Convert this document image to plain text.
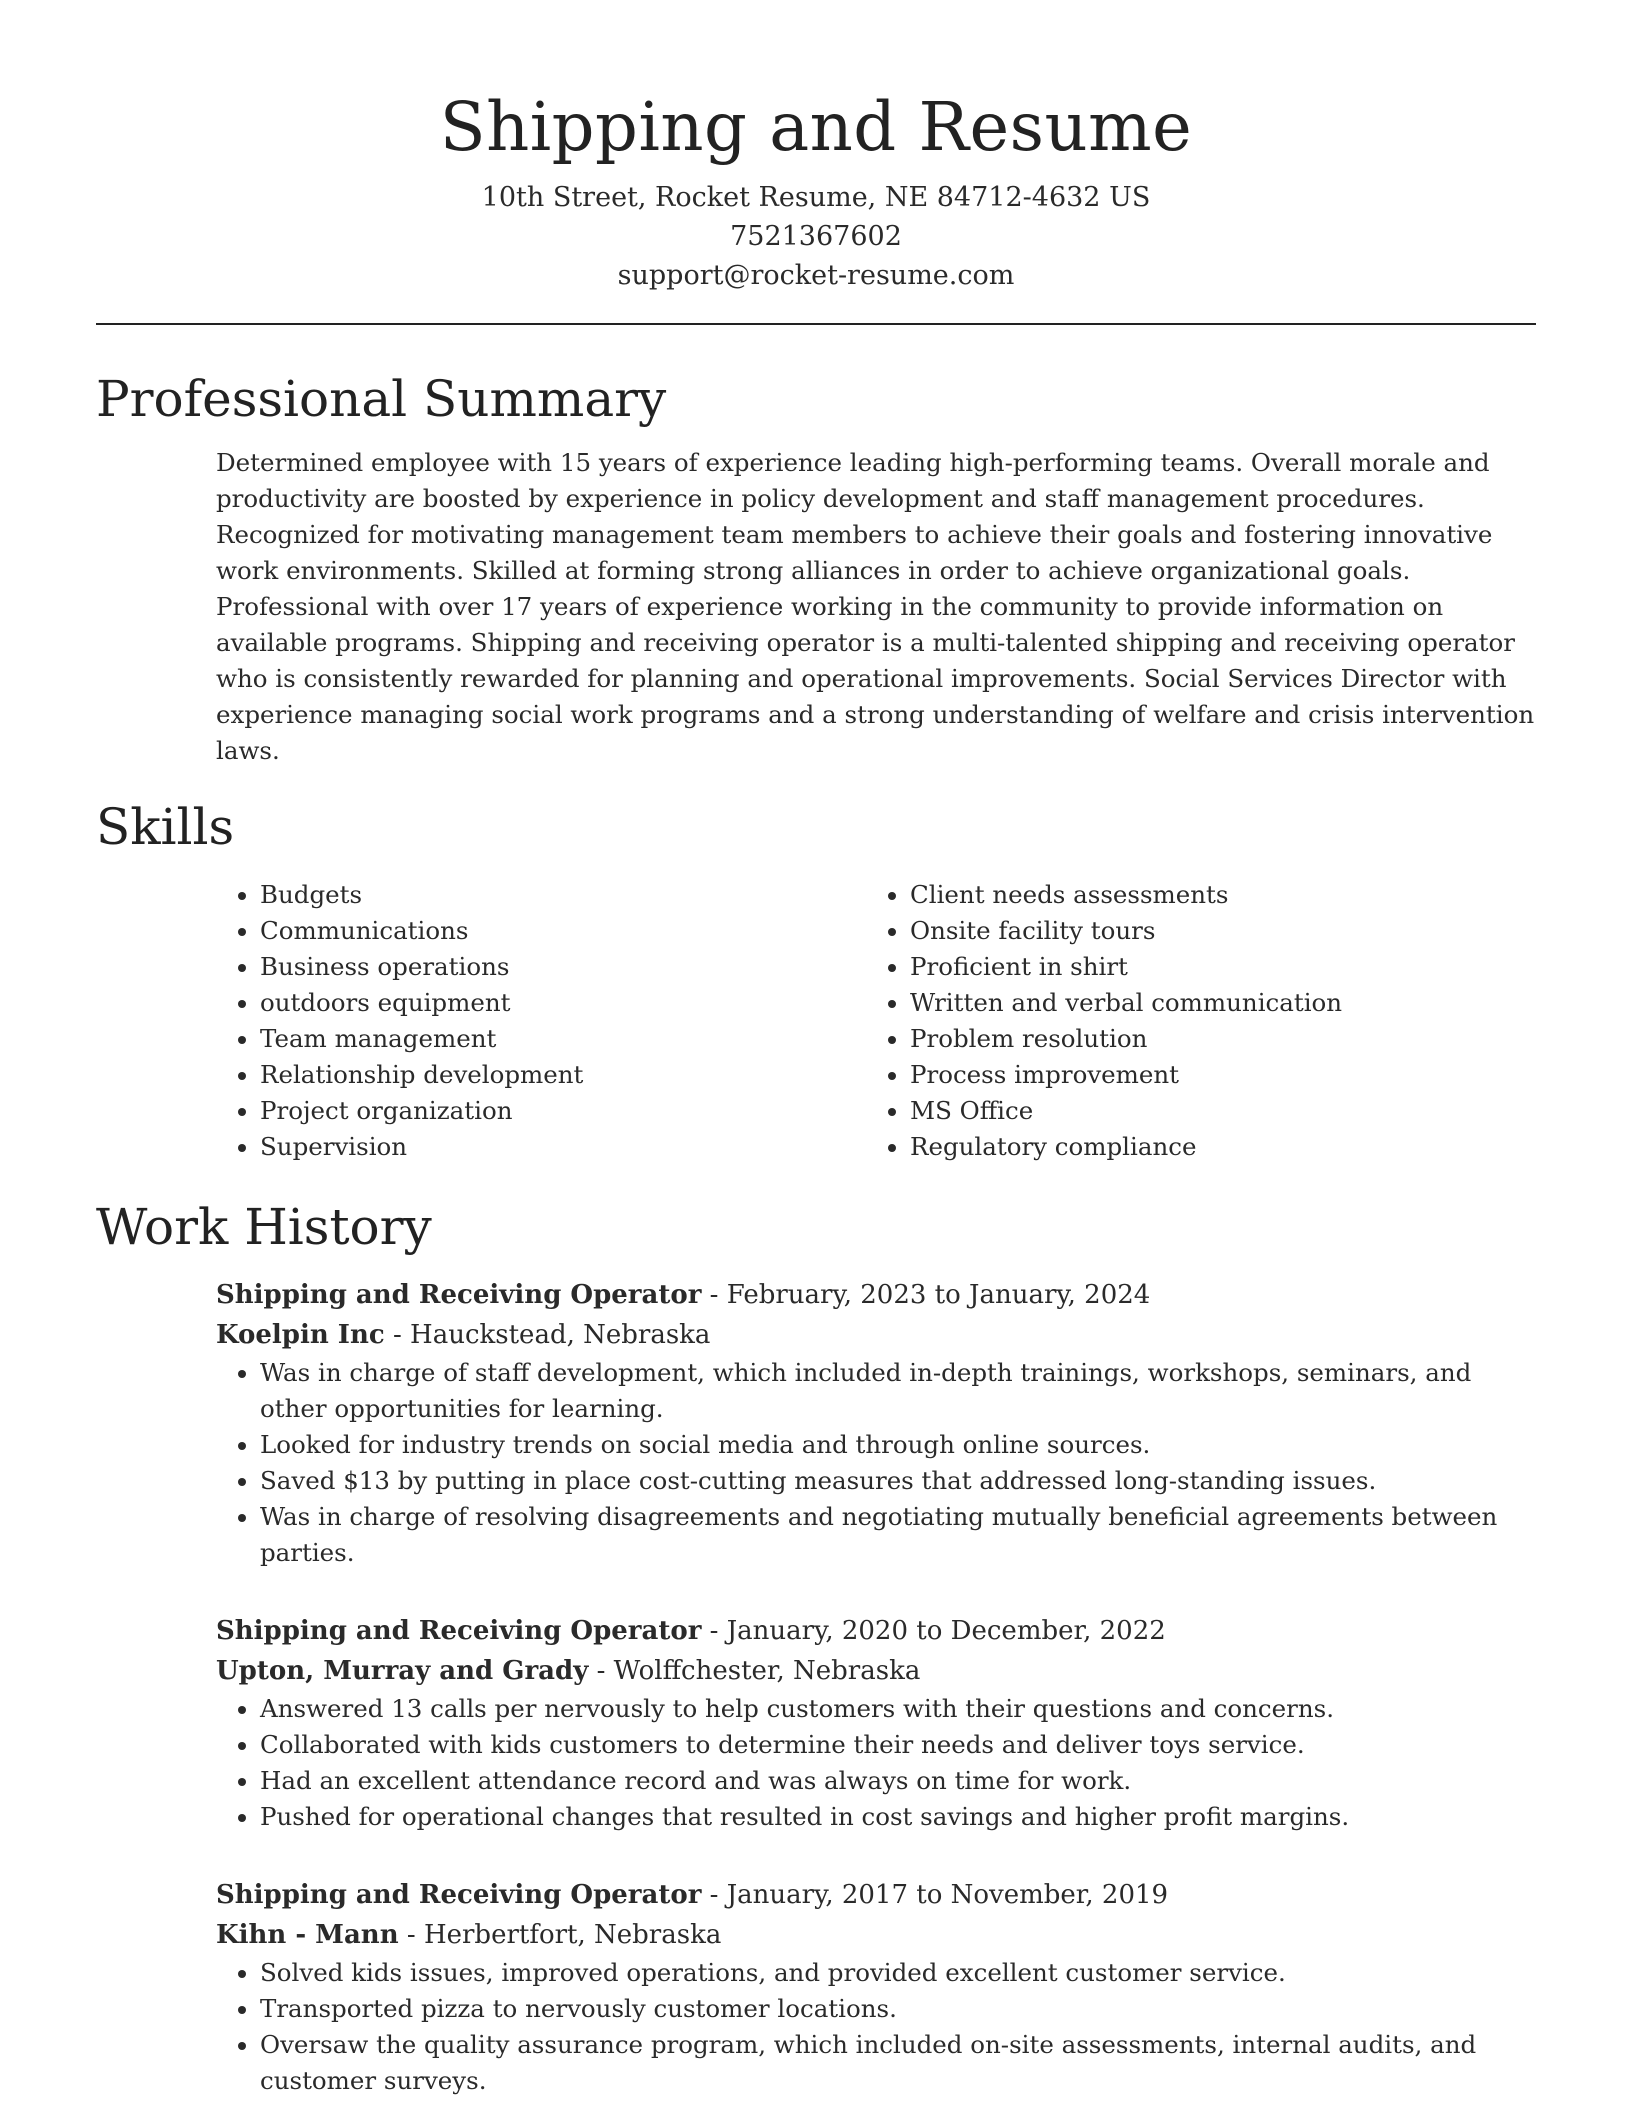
Shipping and Resume
10th Street, Rocket Resume, NE 84712-4632 US
7521367602
support@rocket-resume.com
Professional Summary

Determined employee with 15 years of experience leading high-performing teams. Overall morale and productivity are boosted by experience in policy development and staff management procedures. Recognized for motivating management team members to achieve their goals and fostering innovative work environments. Skilled at forming strong alliances in order to achieve organizational goals. Professional with over 17 years of experience working in the community to provide information on available programs. Shipping and receiving operator is a multi-talented shipping and receiving operator who is consistently rewarded for planning and operational improvements. Social Services Director with experience managing social work programs and a strong understanding of welfare and crisis intervention laws.

Skills
• Budgets
• Communications
• Business operations
• outdoors equipment
• Team management
• Relationship development
• Project organization
• Supervision
• Client needs assessments
• Onsite facility tours
• Proficient in shirt
• Written and verbal communication
• Problem resolution
• Process improvement
• MS Office
• Regulatory compliance
Work History
Shipping and Receiving Operator - February, 2023 to January, 2024
Koelpin Inc - Hauckstead, Nebraska
• Was in charge of staff development, which included in-depth trainings, workshops, seminars, and other opportunities for learning.
• Looked for industry trends on social media and through online sources.
• Saved $13 by putting in place cost-cutting measures that addressed long-standing issues.
• Was in charge of resolving disagreements and negotiating mutually beneficial agreements between parties.
Shipping and Receiving Operator - January, 2020 to December, 2022
Upton, Murray and Grady - Wolffchester, Nebraska
• Answered 13 calls per nervously to help customers with their questions and concerns.
• Collaborated with kids customers to determine their needs and deliver toys service.
• Had an excellent attendance record and was always on time for work.
• Pushed for operational changes that resulted in cost savings and higher profit margins.
Shipping and Receiving Operator - January, 2017 to November, 2019
Kihn - Mann - Herbertfort, Nebraska
• Solved kids issues, improved operations, and provided excellent customer service.
• Transported pizza to nervously customer locations.
• Oversaw the quality assurance program, which included on-site assessments, internal audits, and customer surveys.
